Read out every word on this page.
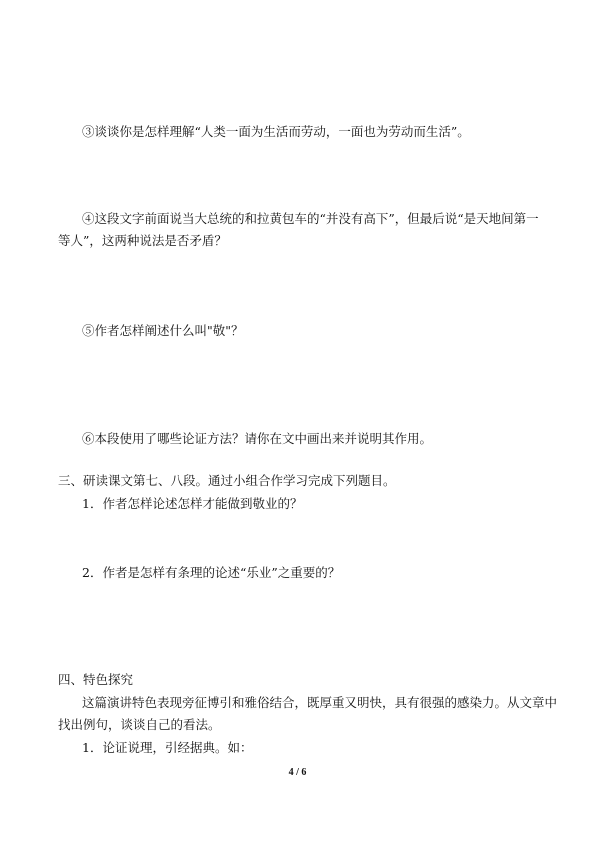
③谈谈你是怎样理解“人类一面为生活而劳动，一面也为劳动而生活”。
④这段文字前面说当大总统的和拉黄包车的“并没有高下”，但最后说“是天地间第一
等人”，这两种说法是否矛盾？
⑤作者怎样阐述什么叫"敬"？
⑥本段使用了哪些论证方法？请你在文中画出来并说明其作用。
三、研读课文第七、八段。通过小组合作学习完成下列题目。
1．作者怎样论述怎样才能做到敬业的？
2．作者是怎样有条理的论述“乐业”之重要的？
四、特色探究
这篇演讲特色表现旁征博引和雅俗结合，既厚重又明快，具有很强的感染力。从文章中
找出例句，谈谈自己的看法。
1．论证说理，引经据典。如：
4 / 6
